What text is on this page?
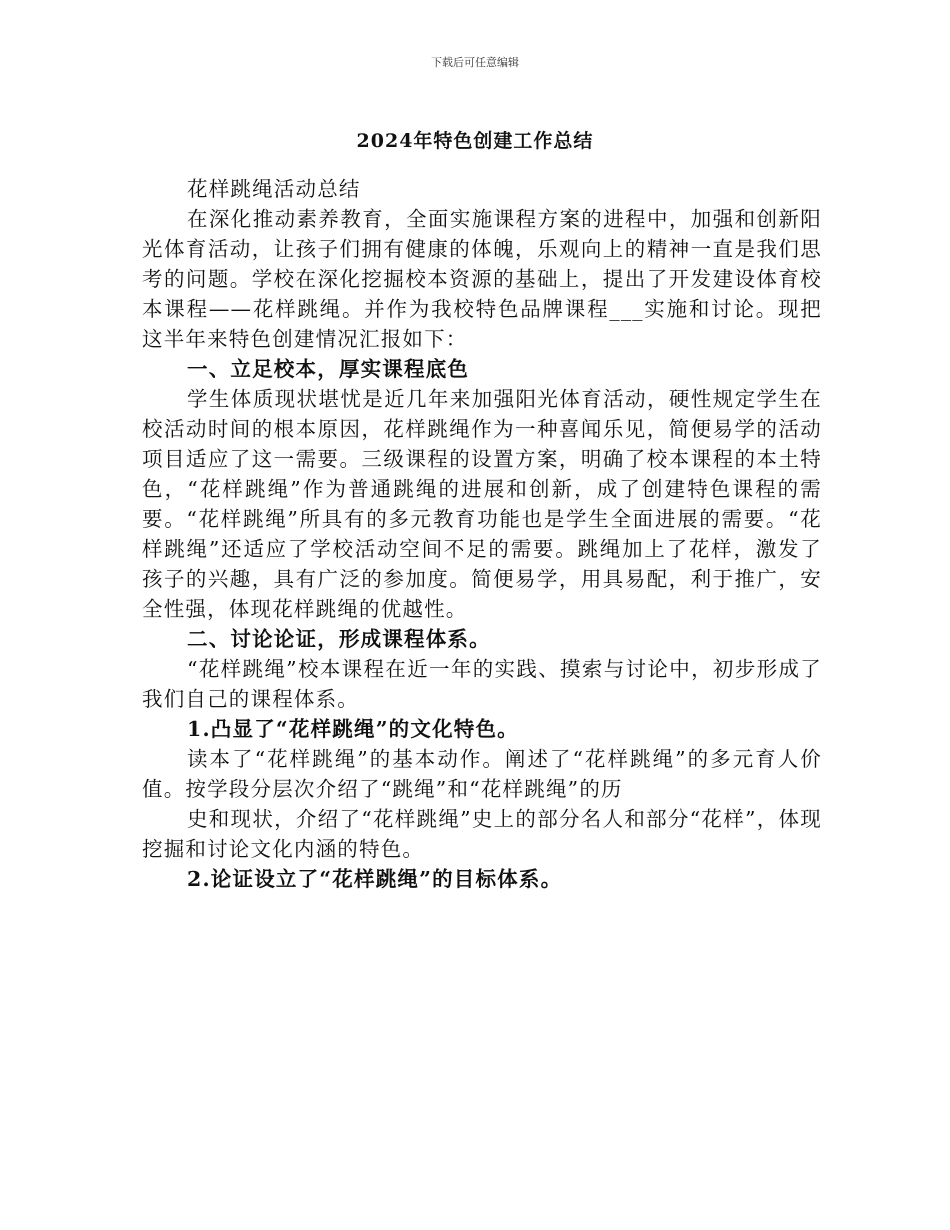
下载后可任意编辑
2024年特色创建工作总结

花样跳绳活动总结

在深化推动素养教育，全面实施课程方案的进程中，加强和创新阳光体育活动，让孩子们拥有健康的体魄，乐观向上的精神一直是我们思考的问题。学校在深化挖掘校本资源的基础上，提出了开发建设体育校本课程——花样跳绳。并作为我校特色品牌课程___实施和讨论。现把这半年来特色创建情况汇报如下：

一、立足校本，厚实课程底色

学生体质现状堪忧是近几年来加强阳光体育活动，硬性规定学生在校活动时间的根本原因，花样跳绳作为一种喜闻乐见，简便易学的活动项目适应了这一需要。三级课程的设置方案，明确了校本课程的本土特色，“花样跳绳”作为普通跳绳的进展和创新，成了创建特色课程的需要。“花样跳绳”所具有的多元教育功能也是学生全面进展的需要。“花样跳绳”还适应了学校活动空间不足的需要。跳绳加上了花样，激发了孩子的兴趣，具有广泛的参加度。简便易学，用具易配，利于推广，安全性强，体现花样跳绳的优越性。

二、讨论论证，形成课程体系。

“花样跳绳”校本课程在近一年的实践、摸索与讨论中，初步形成了我们自己的课程体系。

1.凸显了“花样跳绳”的文化特色。

读本了“花样跳绳”的基本动作。阐述了“花样跳绳”的多元育人价值。按学段分层次介绍了“跳绳”和“花样跳绳”的历

史和现状，介绍了“花样跳绳”史上的部分名人和部分“花样”，体现挖掘和讨论文化内涵的特色。

2.论证设立了“花样跳绳”的目标体系。
